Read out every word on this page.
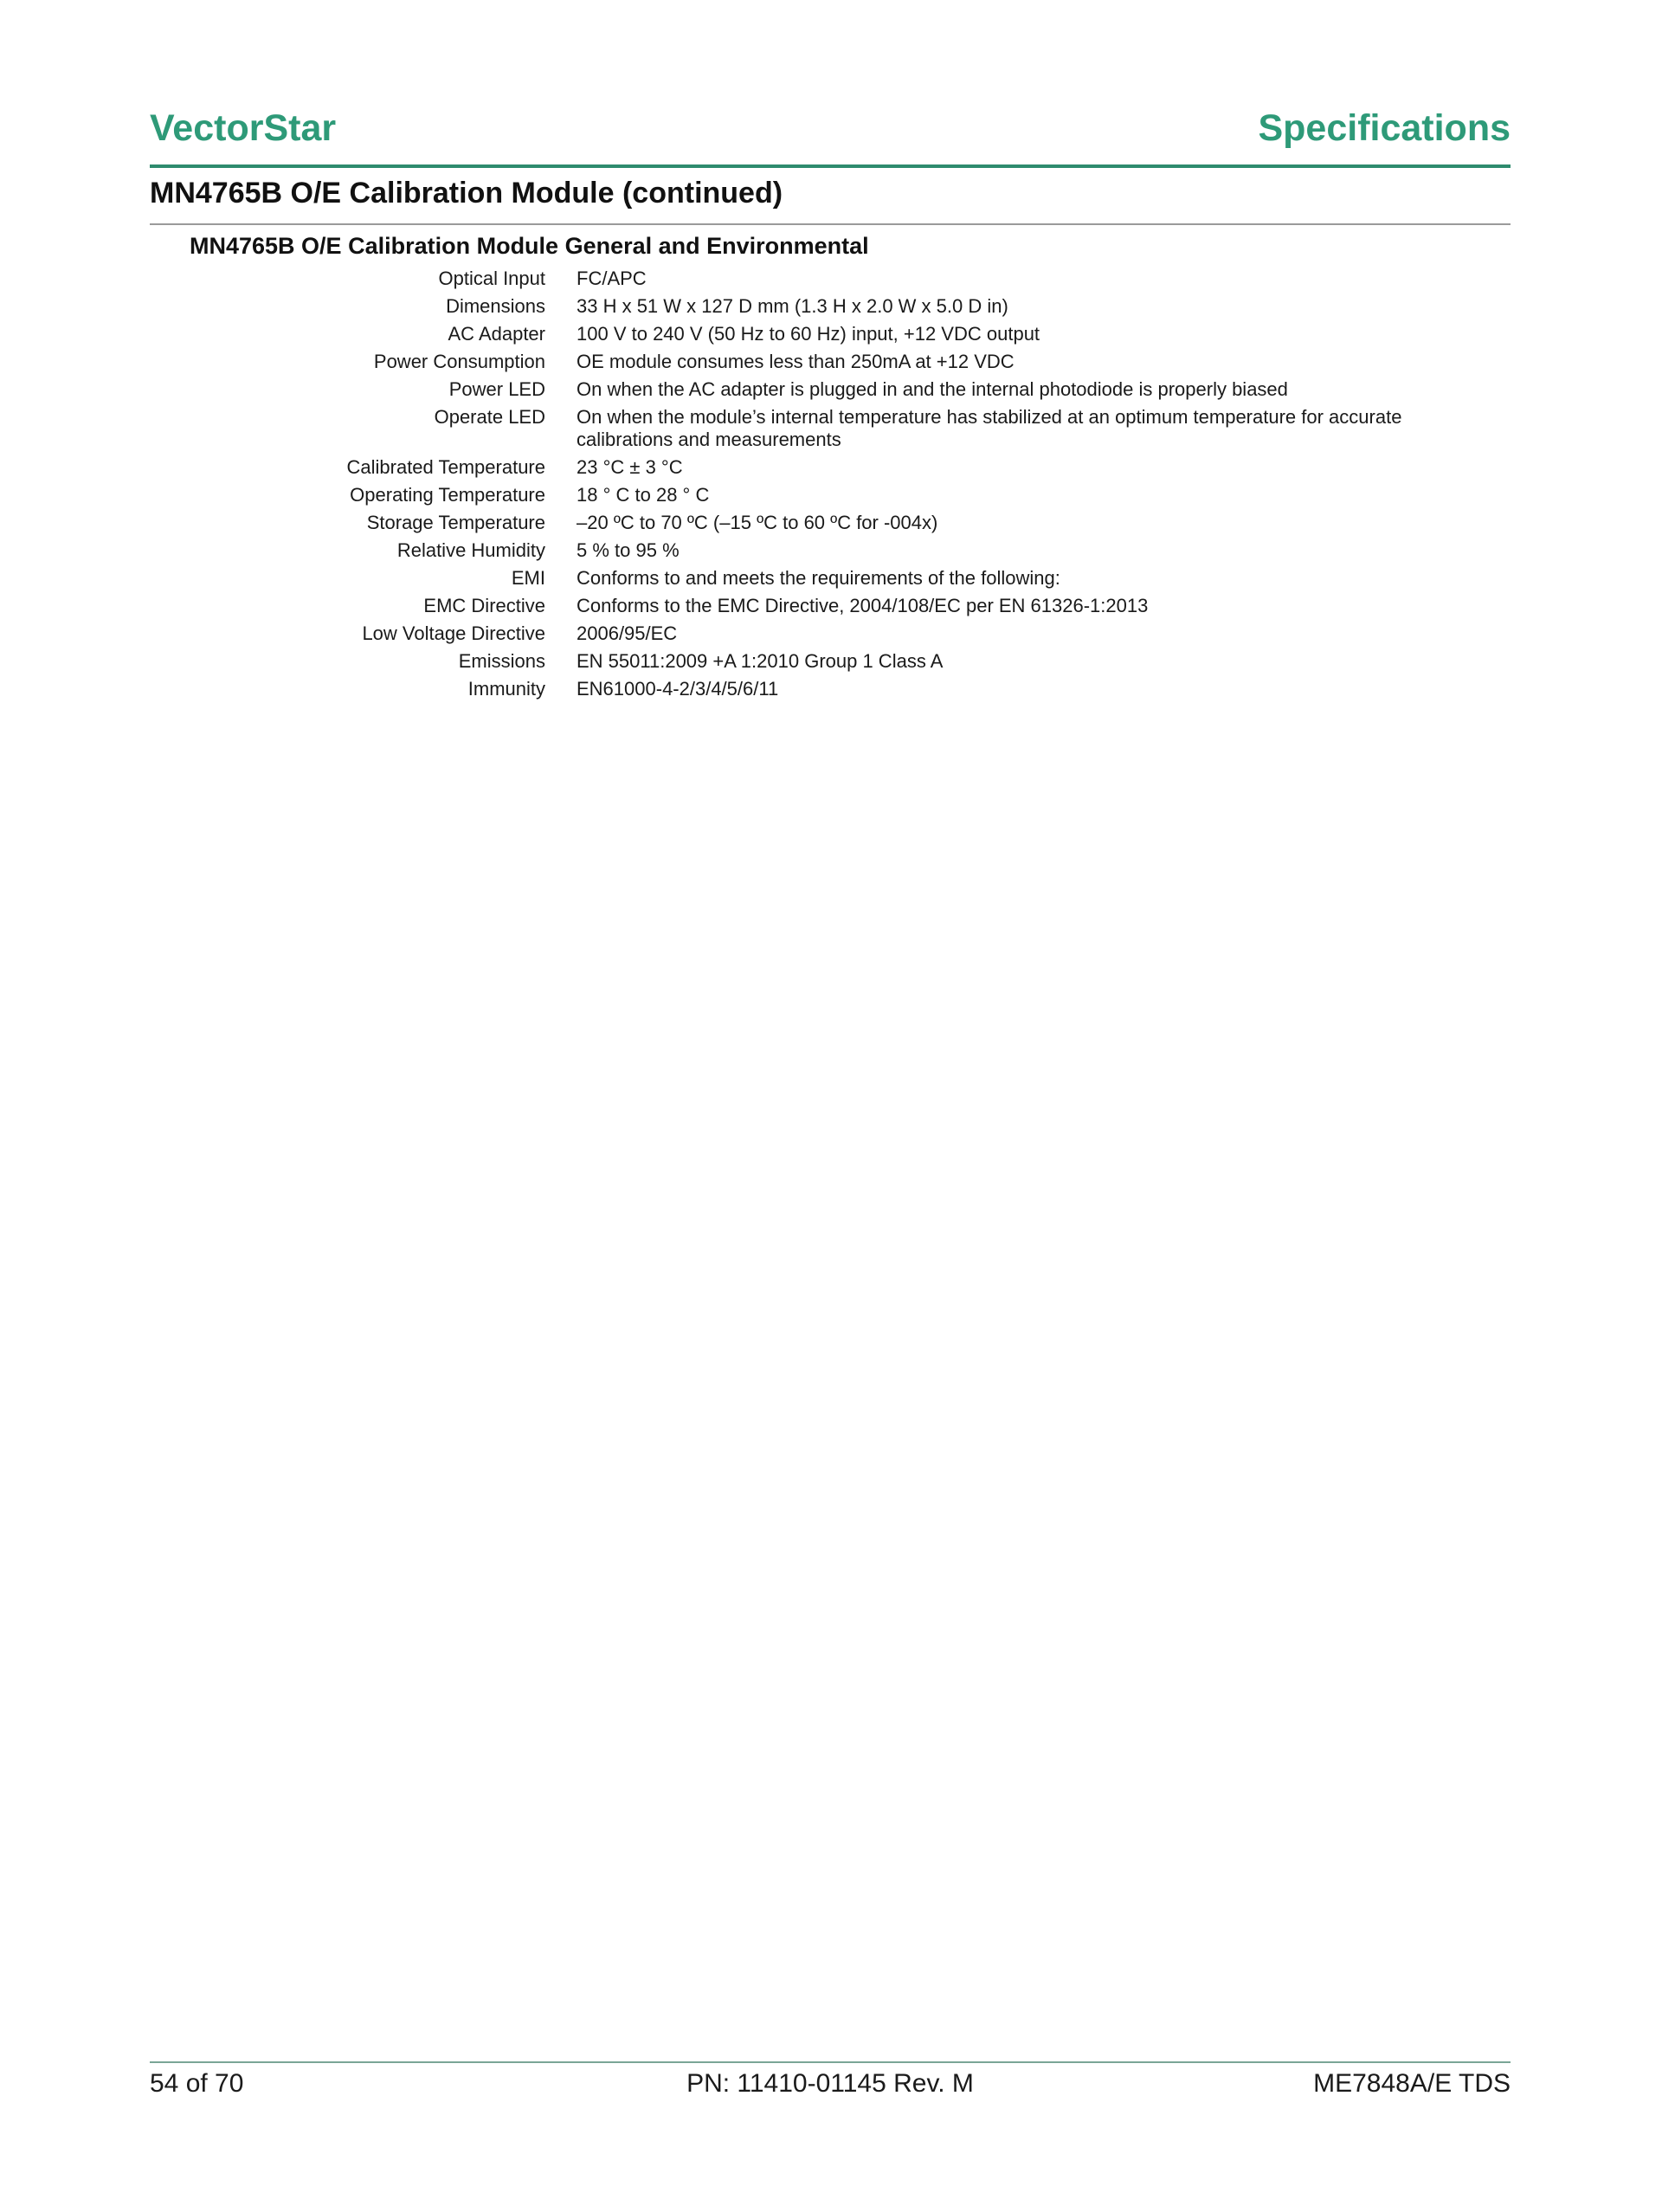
VectorStar	Specifications
MN4765B O/E Calibration Module (continued)
MN4765B O/E Calibration Module General and Environmental
Optical Input	FC/APC
Dimensions	33 H x 51 W x 127 D mm (1.3 H x 2.0 W x 5.0 D in)
AC Adapter	100 V to 240 V (50 Hz to 60 Hz) input, +12 VDC output
Power Consumption	OE module consumes less than 250mA at +12 VDC
Power LED	On when the AC adapter is plugged in and the internal photodiode is properly biased
Operate LED	On when the module’s internal temperature has stabilized at an optimum temperature for accurate calibrations and measurements
Calibrated Temperature	23 °C ± 3 °C
Operating Temperature	18 ° C to 28 ° C
Storage Temperature	–20 ºC to 70 ºC (–15 ºC to 60 ºC for -004x)
Relative Humidity	5 % to 95 %
EMI	Conforms to and meets the requirements of the following:
EMC Directive	Conforms to the EMC Directive, 2004/108/EC per EN 61326-1:2013
Low Voltage Directive	2006/95/EC
Emissions	EN 55011:2009 +A 1:2010 Group 1 Class A
Immunity	EN61000-4-2/3/4/5/6/11
54 of 70	PN: 11410-01145 Rev. M	ME7848A/E TDS
